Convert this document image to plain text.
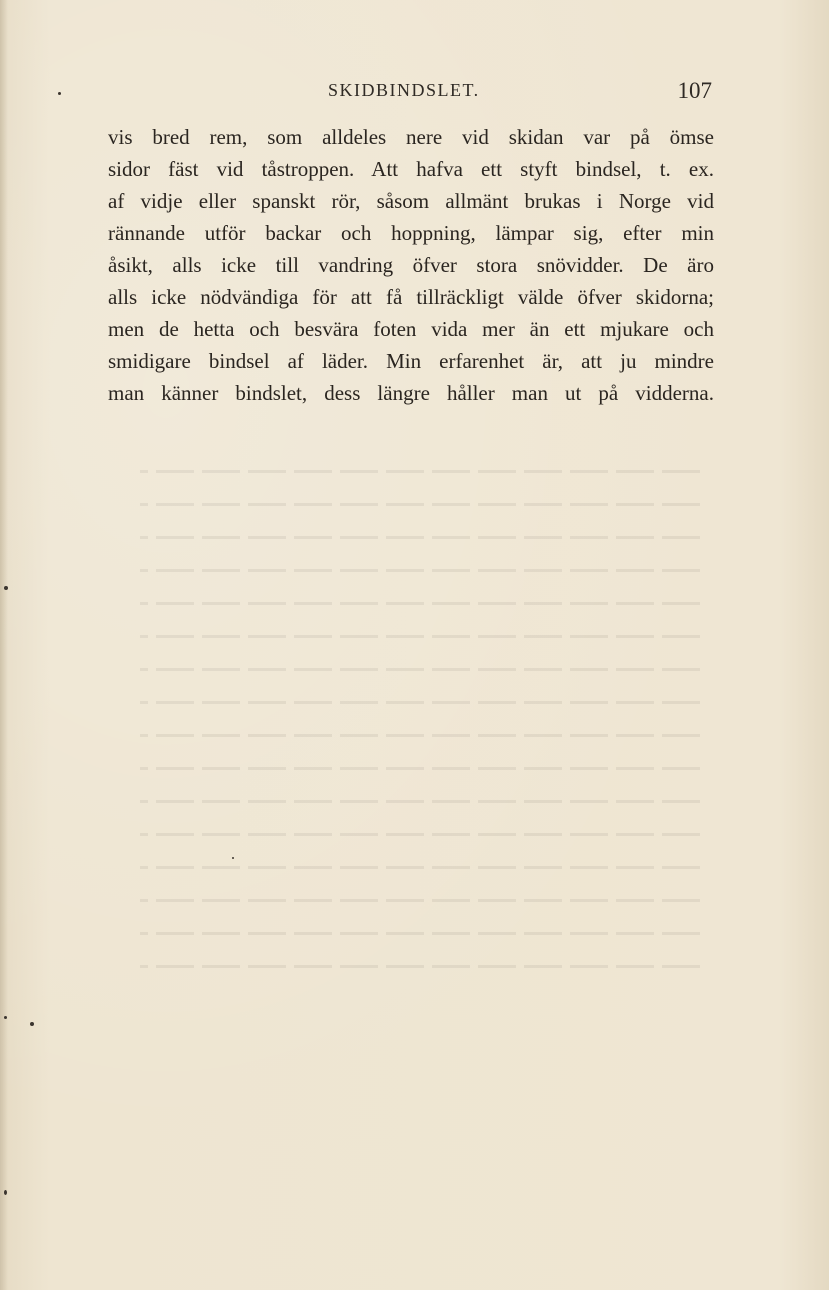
SKIDBINDSLET.	107
vis bred rem, som alldeles nere vid skidan var på ömse
sidor fäst vid tåstroppen. Att hafva ett styft bindsel, t. ex.
af vidje eller spanskt rör, såsom allmänt brukas i Norge vid
rännande utför backar och hoppning, lämpar sig, efter min
åsikt, alls icke till vandring öfver stora snövidder. De äro
alls icke nödvändiga för att få tillräckligt välde öfver skidorna;
men de hetta och besvära foten vida mer än ett mjukare och
smidigare bindsel af läder. Min erfarenhet är, att ju mindre
man känner bindslet, dess längre håller man ut på vidderna.
